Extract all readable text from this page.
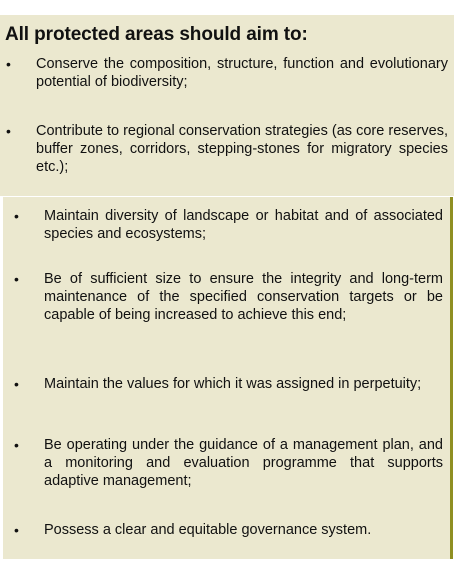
All protected areas should aim to:
•	Conserve the composition, structure, function and evolutionary potential of biodiversity;
•	Contribute to regional conservation strategies (as core reserves, buffer zones, corridors, stepping-stones for migratory species etc.);
•	Maintain diversity of landscape or habitat and of associated species and ecosystems;
•	Be of sufficient size to ensure the integrity and long-term maintenance of the specified conservation targets or be capable of being increased to achieve this end;
•	Maintain the values for which it was assigned in perpetuity;
•	Be operating under the guidance of a management plan, and a monitoring and evaluation programme that supports adaptive management;
•	Possess a clear and equitable governance system.
